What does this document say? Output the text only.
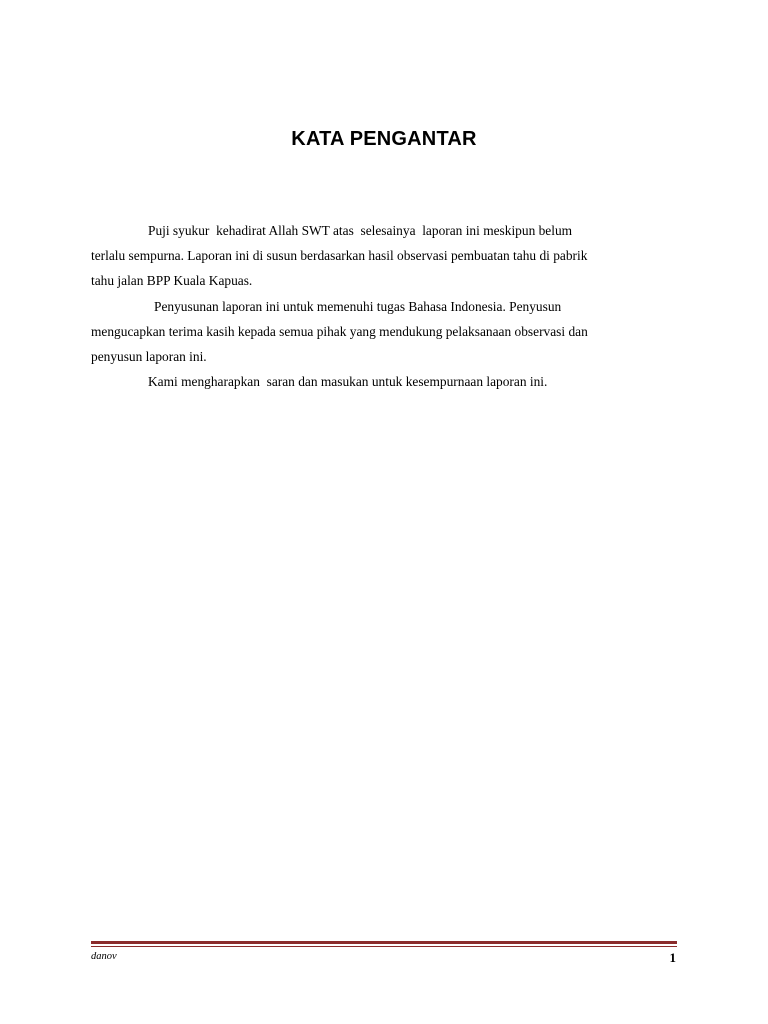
KATA PENGANTAR
Puji syukur  kehadirat Allah SWT atas  selesainya  laporan ini meskipun belum
terlalu sempurna. Laporan ini di susun berdasarkan hasil observasi pembuatan tahu di pabrik
tahu jalan BPP Kuala Kapuas.
Penyusunan laporan ini untuk memenuhi tugas Bahasa Indonesia. Penyusun
mengucapkan terima kasih kepada semua pihak yang mendukung pelaksanaan observasi dan
penyusun laporan ini.
Kami mengharapkan  saran dan masukan untuk kesempurnaan laporan ini.
danov	1
